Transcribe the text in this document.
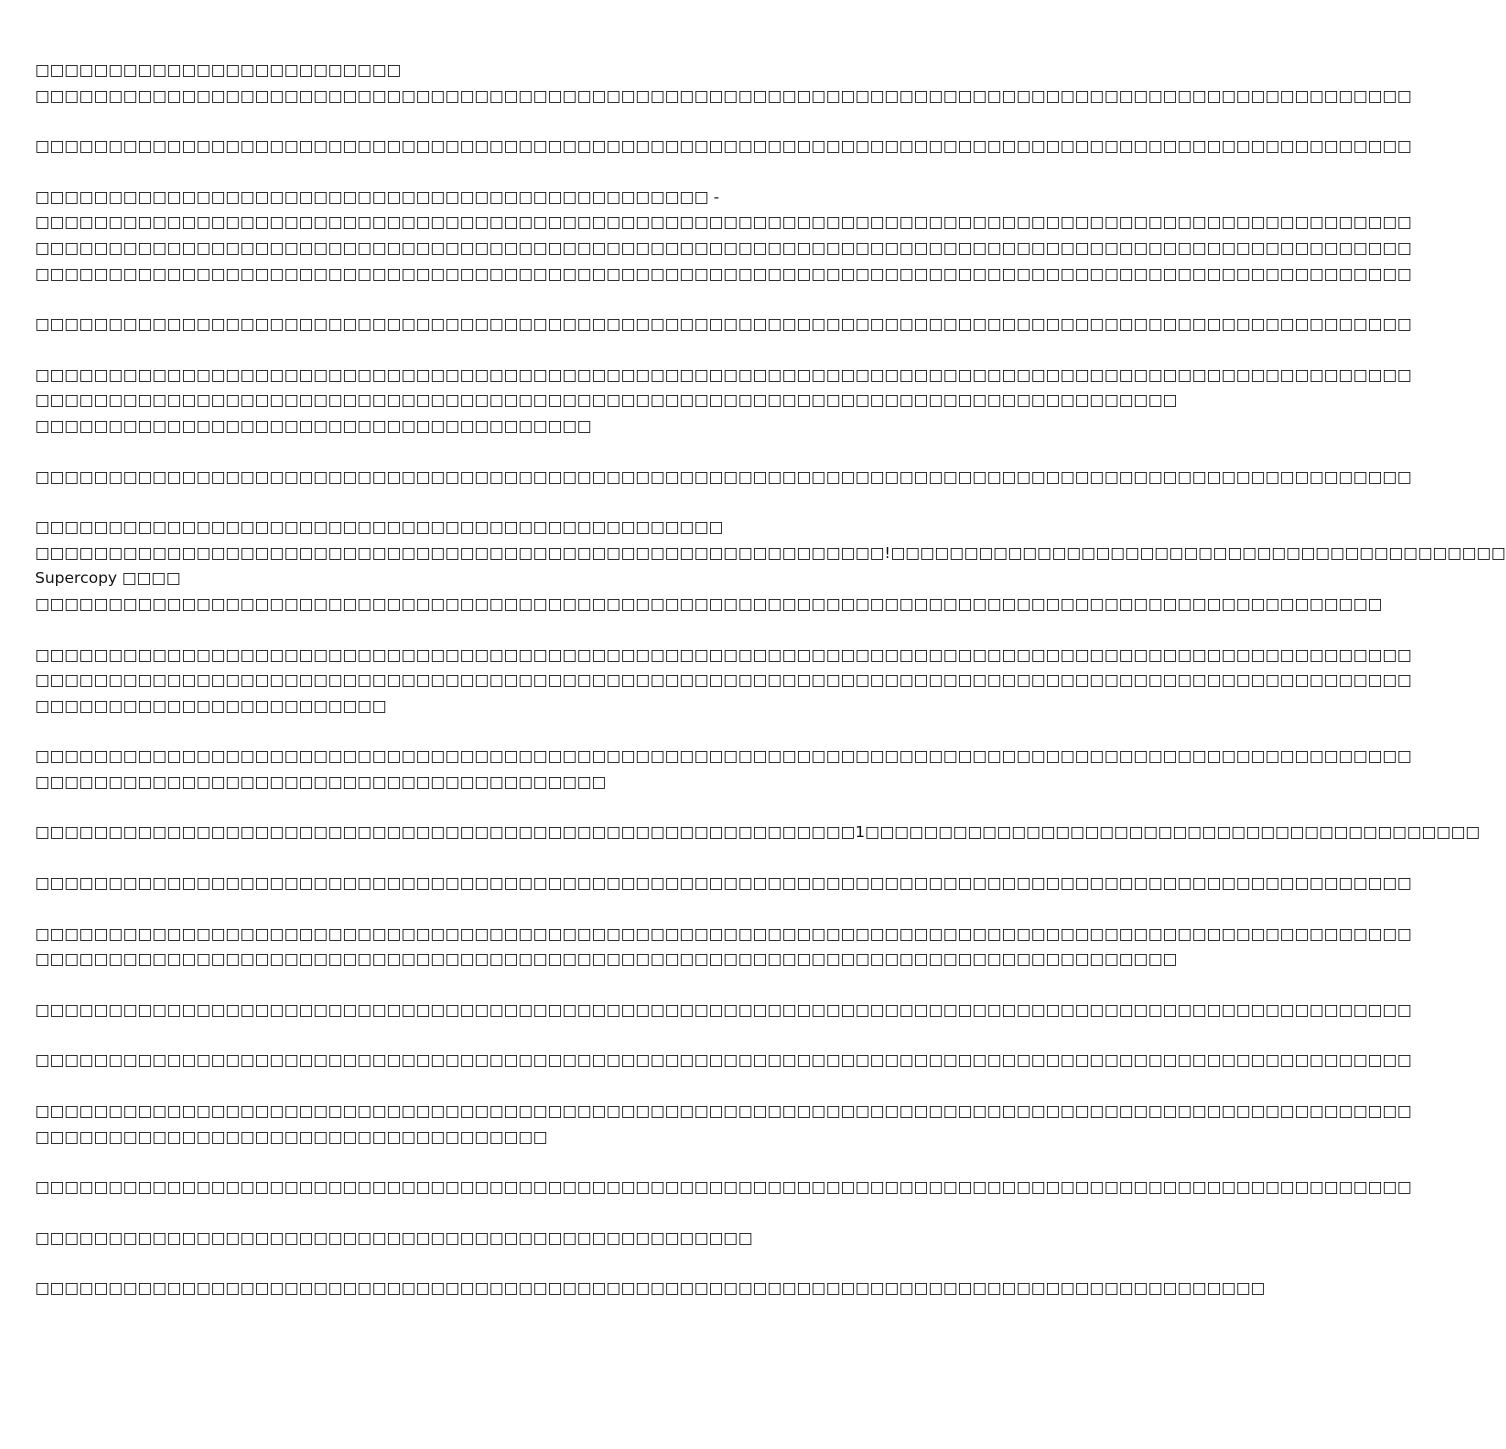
□□□□□□□□□□□□□□□□□□□□□□□□□
□□□□□□□□□□□□□□□□□□□□□□□□□□□□□□□□□□□□□□□□□□□□□□□□□□□□□□□□□□□□□□□□□□□□□□□□□□□□□□□□□□□□□□□□□□□□□□
□□□□□□□□□□□□□□□□□□□□□□□□□□□□□□□□□□□□□□□□□□□□□□□□□□□□□□□□□□□□□□□□□□□□□□□□□□□□□□□□□□□□□□□□□□□□□□
□□□□□□□□□□□□□□□□□□□□□□□□□□□□□□□□□□□□□□□□□□□□□□ -
□□□□□□□□□□□□□□□□□□□□□□□□□□□□□□□□□□□□□□□□□□□□□□□□□□□□□□□□□□□□□□□□□□□□□□□□□□□□□□□□□□□□□□□□□□□□□□
□□□□□□□□□□□□□□□□□□□□□□□□□□□□□□□□□□□□□□□□□□□□□□□□□□□□□□□□□□□□□□□□□□□□□□□□□□□□□□□□□□□□□□□□□□□□□□
□□□□□□□□□□□□□□□□□□□□□□□□□□□□□□□□□□□□□□□□□□□□□□□□□□□□□□□□□□□□□□□□□□□□□□□□□□□□□□□□□□□□□□□□□□□□□□
□□□□□□□□□□□□□□□□□□□□□□□□□□□□□□□□□□□□□□□□□□□□□□□□□□□□□□□□□□□□□□□□□□□□□□□□□□□□□□□□□□□□□□□□□□□□□□
□□□□□□□□□□□□□□□□□□□□□□□□□□□□□□□□□□□□□□□□□□□□□□□□□□□□□□□□□□□□□□□□□□□□□□□□□□□□□□□□□□□□□□□□□□□□□□
□□□□□□□□□□□□□□□□□□□□□□□□□□□□□□□□□□□□□□□□□□□□□□□□□□□□□□□□□□□□□□□□□□□□□□□□□□□□□□
□□□□□□□□□□□□□□□□□□□□□□□□□□□□□□□□□□□□□□
□□□□□□□□□□□□□□□□□□□□□□□□□□□□□□□□□□□□□□□□□□□□□□□□□□□□□□□□□□□□□□□□□□□□□□□□□□□□□□□□□□□□□□□□□□□□□□
□□□□□□□□□□□□□□□□□□□□□□□□□□□□□□□□□□□□□□□□□□□□□□□
□□□□□□□□□□□□□□□□□□□□□□□□□□□□□□□□□□□□□□□□□□□□□□□□□□□□□□□□□□!□□□□□□□□□□□□□□□□□□□□□□□□□□□□□□□□□□□□□□□□□□
Supercopy □□□□
□□□□□□□□□□□□□□□□□□□□□□□□□□□□□□□□□□□□□□□□□□□□□□□□□□□□□□□□□□□□□□□□□□□□□□□□□□□□□□□□□□□□□□□□□□□□
□□□□□□□□□□□□□□□□□□□□□□□□□□□□□□□□□□□□□□□□□□□□□□□□□□□□□□□□□□□□□□□□□□□□□□□□□□□□□□□□□□□□□□□□□□□□□□
□□□□□□□□□□□□□□□□□□□□□□□□□□□□□□□□□□□□□□□□□□□□□□□□□□□□□□□□□□□□□□□□□□□□□□□□□□□□□□□□□□□□□□□□□□□□□□
□□□□□□□□□□□□□□□□□□□□□□□□
□□□□□□□□□□□□□□□□□□□□□□□□□□□□□□□□□□□□□□□□□□□□□□□□□□□□□□□□□□□□□□□□□□□□□□□□□□□□□□□□□□□□□□□□□□□□□□
□□□□□□□□□□□□□□□□□□□□□□□□□□□□□□□□□□□□□□□
□□□□□□□□□□□□□□□□□□□□□□□□□□□□□□□□□□□□□□□□□□□□□□□□□□□□□□□□1□□□□□□□□□□□□□□□□□□□□□□□□□□□□□□□□□□□□□□□□□□
□□□□□□□□□□□□□□□□□□□□□□□□□□□□□□□□□□□□□□□□□□□□□□□□□□□□□□□□□□□□□□□□□□□□□□□□□□□□□□□□□□□□□□□□□□□□□□
□□□□□□□□□□□□□□□□□□□□□□□□□□□□□□□□□□□□□□□□□□□□□□□□□□□□□□□□□□□□□□□□□□□□□□□□□□□□□□□□□□□□□□□□□□□□□□
□□□□□□□□□□□□□□□□□□□□□□□□□□□□□□□□□□□□□□□□□□□□□□□□□□□□□□□□□□□□□□□□□□□□□□□□□□□□□□
□□□□□□□□□□□□□□□□□□□□□□□□□□□□□□□□□□□□□□□□□□□□□□□□□□□□□□□□□□□□□□□□□□□□□□□□□□□□□□□□□□□□□□□□□□□□□□
□□□□□□□□□□□□□□□□□□□□□□□□□□□□□□□□□□□□□□□□□□□□□□□□□□□□□□□□□□□□□□□□□□□□□□□□□□□□□□□□□□□□□□□□□□□□□□
□□□□□□□□□□□□□□□□□□□□□□□□□□□□□□□□□□□□□□□□□□□□□□□□□□□□□□□□□□□□□□□□□□□□□□□□□□□□□□□□□□□□□□□□□□□□□□
□□□□□□□□□□□□□□□□□□□□□□□□□□□□□□□□□□□
□□□□□□□□□□□□□□□□□□□□□□□□□□□□□□□□□□□□□□□□□□□□□□□□□□□□□□□□□□□□□□□□□□□□□□□□□□□□□□□□□□□□□□□□□□□□□□
□□□□□□□□□□□□□□□□□□□□□□□□□□□□□□□□□□□□□□□□□□□□□□□□□
□□□□□□□□□□□□□□□□□□□□□□□□□□□□□□□□□□□□□□□□□□□□□□□□□□□□□□□□□□□□□□□□□□□□□□□□□□□□□□□□□□□□
